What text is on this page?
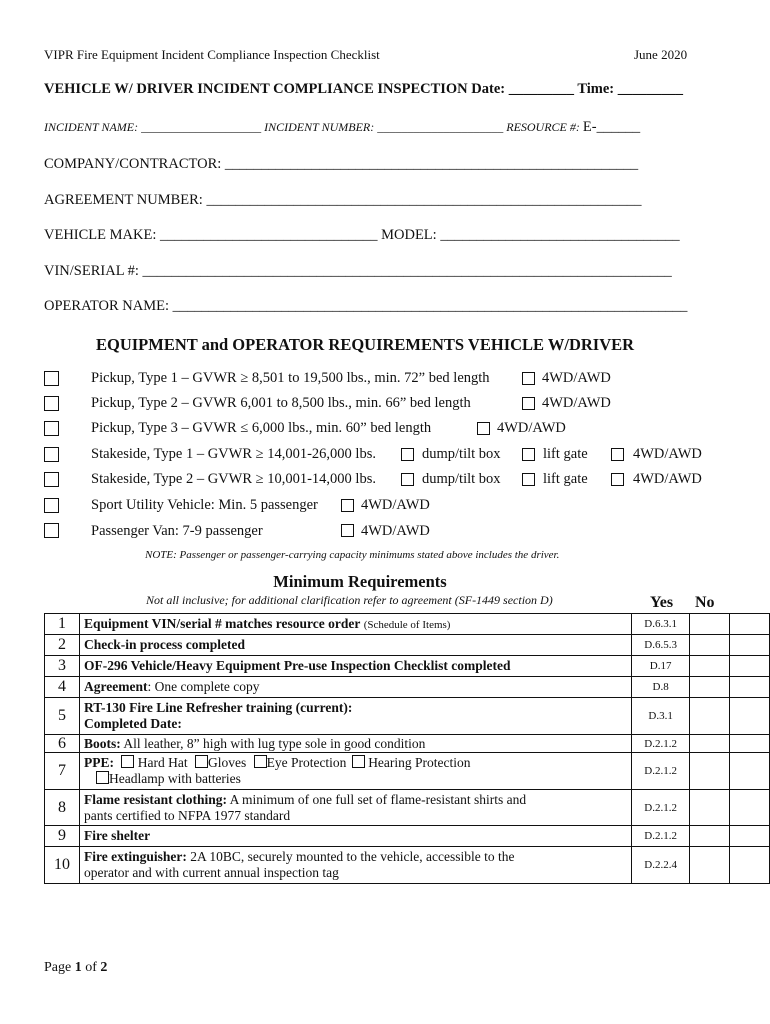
VIPR Fire Equipment Incident Compliance Inspection Checklist	June 2020
VEHICLE W/ DRIVER INCIDENT COMPLIANCE INSPECTION Date: _________ Time: _________
INCIDENT NAME: ____________________ INCIDENT NUMBER: _____________________ RESOURCE #: E-______
COMPANY/CONTRACTOR: _________________________________________________________
AGREEMENT NUMBER: ____________________________________________________________
VEHICLE MAKE: ______________________________ MODEL: _________________________________
VIN/SERIAL #: _________________________________________________________________________
OPERATOR NAME: _______________________________________________________________________
EQUIPMENT and OPERATOR REQUIREMENTS VEHICLE W/DRIVER
Pickup, Type 1 – GVWR ≥ 8,501 to 19,500 lbs., min. 72” bed length	4WD/AWD
Pickup, Type 2 – GVWR 6,001 to 8,500 lbs., min. 66” bed length	4WD/AWD
Pickup, Type 3 – GVWR ≤ 6,000 lbs., min. 60” bed length	4WD/AWD
Stakeside, Type 1 – GVWR ≥ 14,001-26,000 lbs.	dump/tilt box	lift gate	4WD/AWD
Stakeside, Type 2 – GVWR ≥ 10,001-14,000 lbs.	dump/tilt box	lift gate	4WD/AWD
Sport Utility Vehicle: Min. 5 passenger	4WD/AWD
Passenger Van: 7-9 passenger	4WD/AWD
NOTE: Passenger or passenger-carrying capacity minimums stated above includes the driver.
Minimum Requirements
Not all inclusive; for additional clarification refer to agreement (SF-1449 section D)	Yes No
1	Equipment VIN/serial # matches resource order (Schedule of Items)	D.6.3.1		
2	Check-in process completed	D.6.5.3		
3	OF-296 Vehicle/Heavy Equipment Pre-use Inspection Checklist completed	D.17		
4	Agreement: One complete copy	D.8		
5	RT-130 Fire Line Refresher training (current):
Completed Date:	D.3.1		
6	Boots: All leather, 8” high with lug type sole in good condition	D.2.1.2		
7	PPE: Hard Hat Gloves Eye Protection Hearing Protection
Headlamp with batteries	D.2.1.2		
8	Flame resistant clothing: A minimum of one full set of flame-resistant shirts and
pants certified to NFPA 1977 standard	D.2.1.2		
9	Fire shelter	D.2.1.2		
10	Fire extinguisher: 2A 10BC, securely mounted to the vehicle, accessible to the
operator and with current annual inspection tag	D.2.2.4		
Page 1 of 2
